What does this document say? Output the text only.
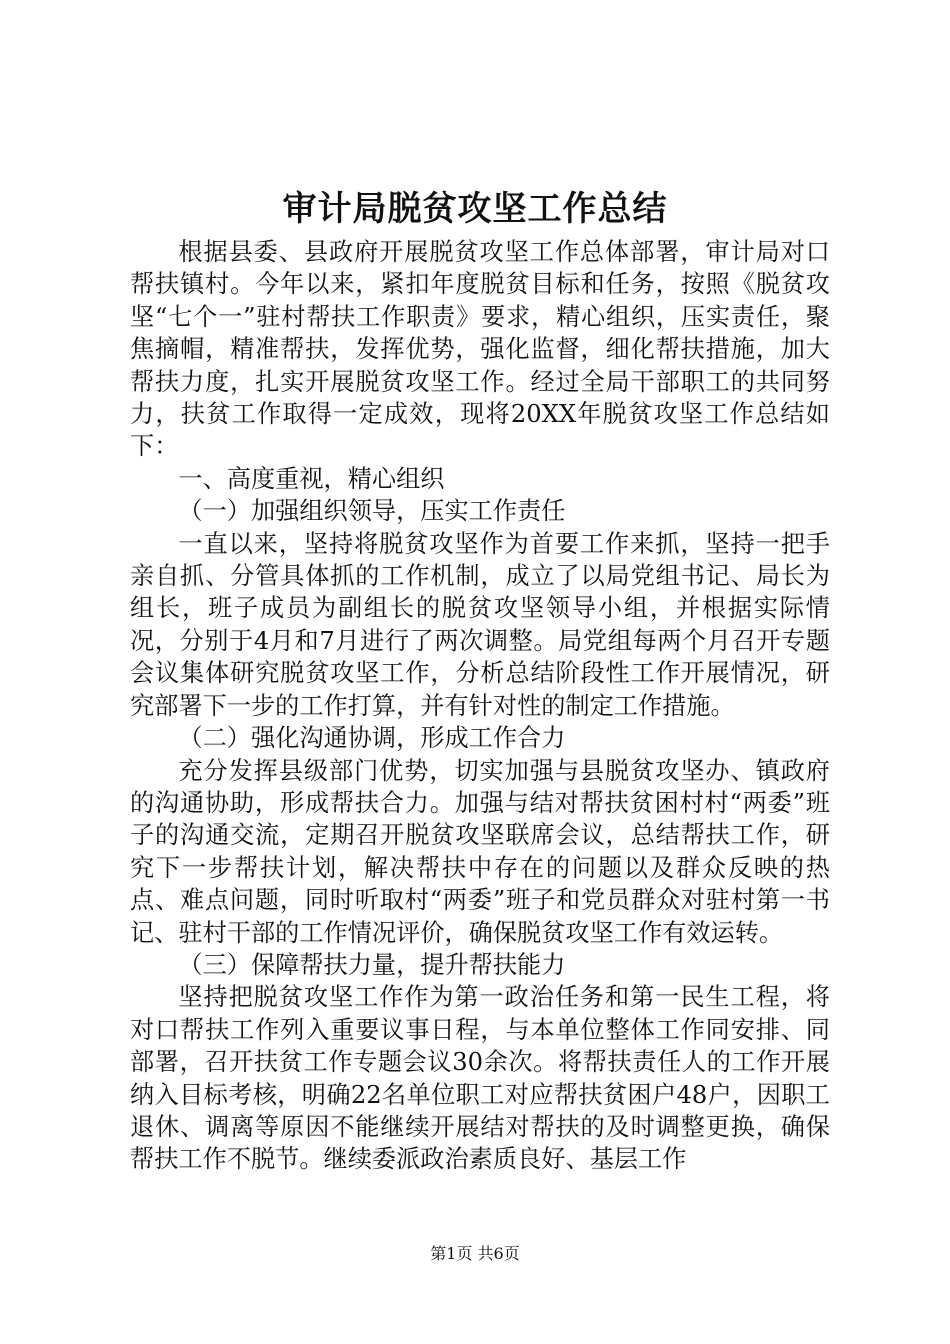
审计局脱贫攻坚工作总结

根据县委、县政府开展脱贫攻坚工作总体部署，审计局对口帮扶镇村。今年以来，紧扣年度脱贫目标和任务，按照《脱贫攻坚“七个一”驻村帮扶工作职责》要求，精心组织，压实责任，聚焦摘帽，精准帮扶，发挥优势，强化监督，细化帮扶措施，加大帮扶力度，扎实开展脱贫攻坚工作。经过全局干部职工的共同努力，扶贫工作取得一定成效，现将20XX年脱贫攻坚工作总结如下：

一、高度重视，精心组织

（一）加强组织领导，压实工作责任

一直以来，坚持将脱贫攻坚作为首要工作来抓，坚持一把手亲自抓、分管具体抓的工作机制，成立了以局党组书记、局长为组长，班子成员为副组长的脱贫攻坚领导小组，并根据实际情况，分别于4月和7月进行了两次调整。局党组每两个月召开专题会议集体研究脱贫攻坚工作，分析总结阶段性工作开展情况，研究部署下一步的工作打算，并有针对性的制定工作措施。

（二）强化沟通协调，形成工作合力

充分发挥县级部门优势，切实加强与县脱贫攻坚办、镇政府的沟通协助，形成帮扶合力。加强与结对帮扶贫困村村“两委”班子的沟通交流，定期召开脱贫攻坚联席会议，总结帮扶工作，研究下一步帮扶计划，解决帮扶中存在的问题以及群众反映的热点、难点问题，同时听取村“两委”班子和党员群众对驻村第一书记、驻村干部的工作情况评价，确保脱贫攻坚工作有效运转。

（三）保障帮扶力量，提升帮扶能力

坚持把脱贫攻坚工作作为第一政治任务和第一民生工程，将对口帮扶工作列入重要议事日程，与本单位整体工作同安排、同部署，召开扶贫工作专题会议30余次。将帮扶责任人的工作开展纳入目标考核，明确22名单位职工对应帮扶贫困户48户，因职工退休、调离等原因不能继续开展结对帮扶的及时调整更换，确保帮扶工作不脱节。继续委派政治素质良好、基层工作

第1页 共6页
